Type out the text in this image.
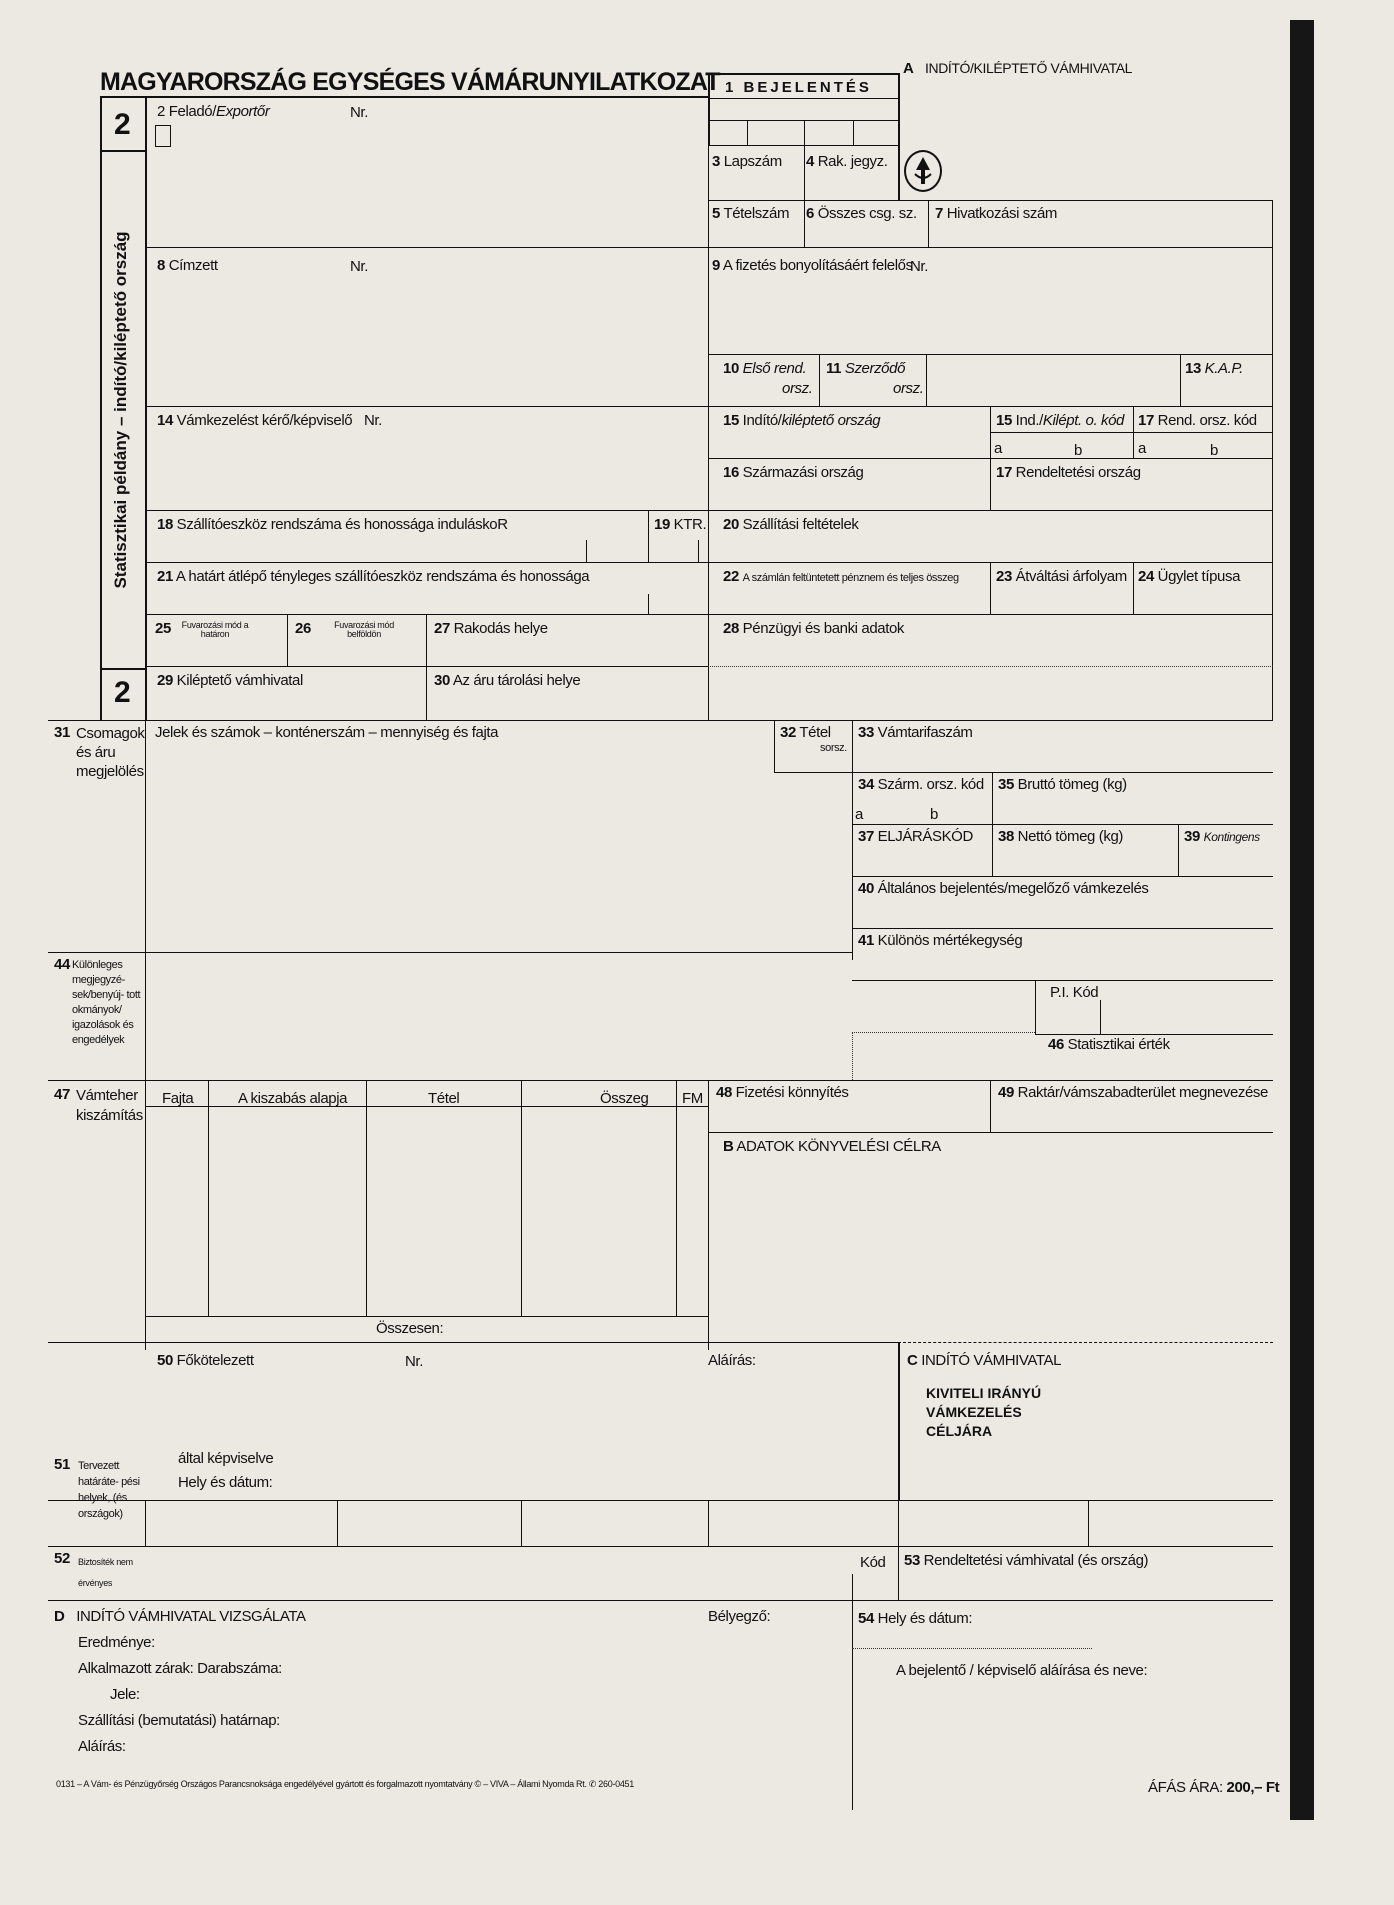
MAGYARORSZÁG EGYSÉGES VÁMÁRUNYILATKOZAT	A INDÍTÓ/KILÉPTETŐ VÁMHIVATAL
1 BEJELENTÉS
2
2
Statisztikai példány – indító/kiléptető ország
2 Feladó/Exportőr	Nr.
3 Lapszám 4 Rak. jegyz.
5 Tételszám 6 Összes csg. sz. 7 Hivatkozási szám
8 Címzett	Nr.	9 A fizetés bonyolításáért felelős
Nr.
10 Első rend.
orsz.
11 Szerződő
orsz.
13 K.A.P.
14 Vámkezelést kérő/képviselő Nr.	15 Indító/kiléptető ország	15 Ind./Kilépt. o. kód 17 Rend. orsz. kód
a	b	a	b
16 Származási ország	17 Rendeltetési ország
18 Szállítóeszköz rendszáma és honossága induláskoR	19 KTR. 20 Szállítási feltételek
21 A határt átlépő tényleges szállítóeszköz rendszáma és honossága	22 A számlán feltüntetett pénznem és teljes összeg 23 Átváltási árfolyam 24 Ügylet típusa
25 Fuvarozási mód a határon	26	Fuvarozási mód belföldön	27 Rakodás helye	28 Pénzügyi és banki adatok
29 Kiléptető vámhivatal	30 Az áru tárolási helye
31 Csomagok és áru megjelölés
Jelek és számok – konténerszám – mennyiség és fajta	32 Tétel
sorsz.
33 Vámtarifaszám
34 Szárm. orsz. kód
a	b
35 Bruttó tömeg (kg)
37 ELJÁRÁSKÓD 38 Nettó tömeg (kg)	39 Kontingens
40 Általános bejelentés/megelőző vámkezelés
41 Különös mértékegység
44 Különleges megjegyzé- sek/benyúj- tott okmányok/ igazolások és engedélyek
P.I. Kód
46 Statisztikai érték
47 Vámteher kiszámítás
Fajta	A kiszabás alapja	Tétel	Összeg FM
Összesen:
48 Fizetési könnyítés	49 Raktár/vámszabadterület megnevezése
B ADATOK KÖNYVELÉSI CÉLRA
50 Főkötelezett	Nr.	Aláírás:	C INDÍTÓ VÁMHIVATAL
KIVITELI IRÁNYÚ VÁMKEZELÉS CÉLJÁRA
51 Tervezett határáte- pési helyek, (és országok)
által képviselve
Hely és dátum:
52 Biztosíték nem érvényes
Kód 53 Rendeltetési vámhivatal (és ország)
D INDÍTÓ VÁMHIVATAL VIZSGÁLATA	Bélyegző:	54 Hely és dátum:
Eredménye:
Alkalmazott zárak: Darabszáma:
Jele:
Szállítási (bemutatási) határnap:
Aláírás:
A bejelentő / képviselő aláírása és neve:
0131 – A Vám- és Pénzügyőrség Országos Parancsnoksága engedélyével gyártott és forgalmazott nyomtatvány © – VIVA – Állami Nyomda Rt. ✆ 260-0451	ÁFÁS ÁRA: 200,– Ft
